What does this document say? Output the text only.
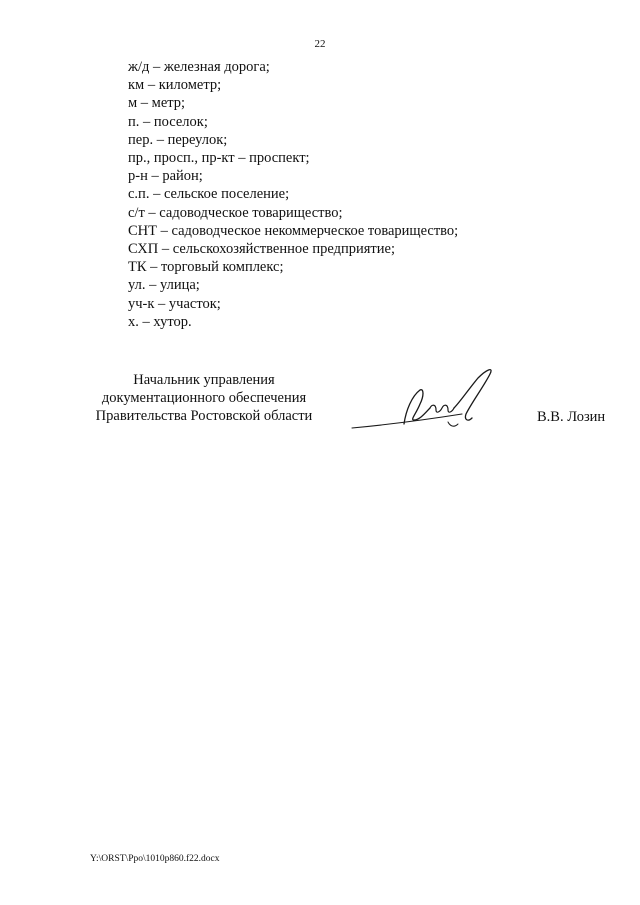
22
ж/д – железная дорога;
км – километр;
м – метр;
п. – поселок;
пер. – переулок;
пр., просп., пр-кт – проспект;
р-н – район;
с.п. – сельское поселение;
с/т – садоводческое товарищество;
СНТ – садоводческое некоммерческое товарищество;
СХП – сельскохозяйственное предприятие;
ТК – торговый комплекс;
ул. – улица;
уч-к – участок;
х. – хутор.
Начальник управления
документационного обеспечения
Правительства Ростовской области	В.В. Лозин
Y:\ORST\Ppo\1010p860.f22.docx
